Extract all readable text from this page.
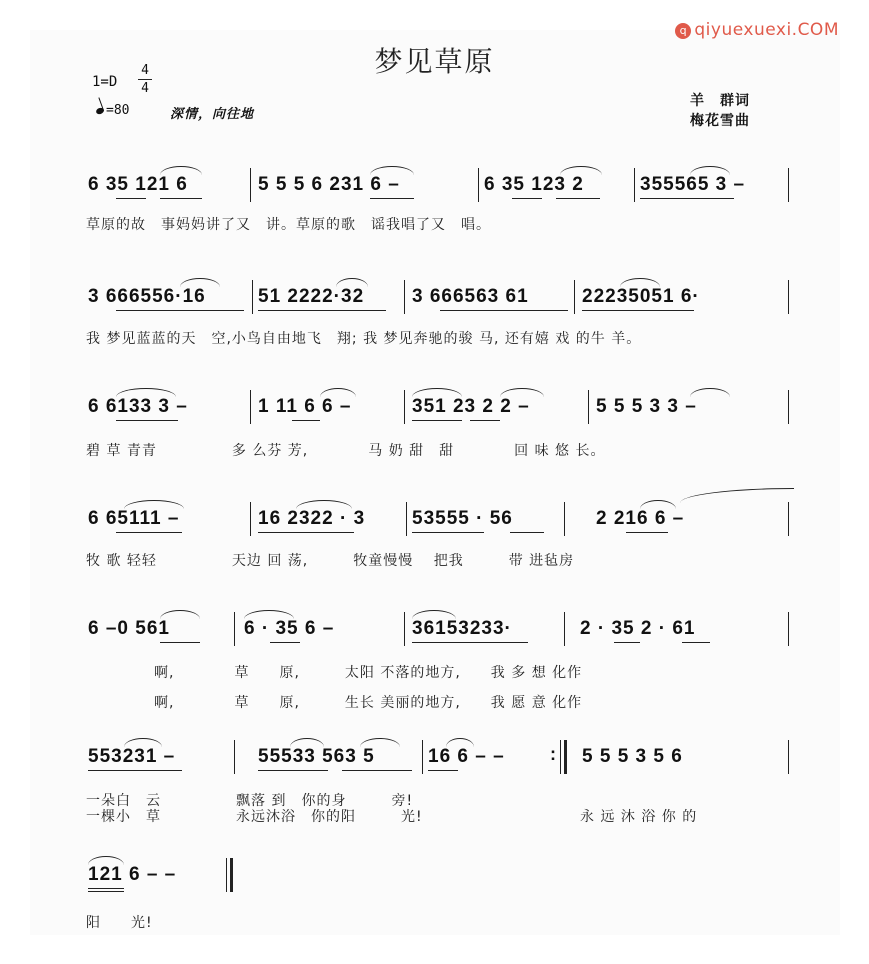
q qiyuexuexi.COM
梦见草原
1=D
4
4
=80	深情，向往地
羊　群词
梅花雪曲
6 35 121 6	5 5 5 6 231 6 –	6 35 123 2	355565 3 –
草原的故　事妈妈讲了又　讲。草原的歌　谣我唱了又　唱。
3 666556·16	51 2222·32	3 666563 61	22235051 6·
我 梦见蓝蓝的天　空,小鸟自由地飞　翔; 我 梦见奔驰的骏 马, 还有嬉 戏 的牛 羊。
6 6133 3 –	1 11 6 6 –	351 23 2 2 –	5 5 5 3 3 –
碧 草 青青　　　　　多 么芬 芳,　　　　马 奶 甜　甜　　　　回 味 悠 长。
6 65111 –	16 2322 · 3 53555 · 56	2 216 6 –
牧 歌 轻轻　　　　　天边 回 荡,　　　牧童慢慢　 把我　　　带 进毡房
6 –0 561	6 · 35 6 –	36153233·	2 · 35 2 · 61
啊,　　　　草　　原,　　　太阳 不落的地方,　　我 多 想 化作
啊,　　　　草　　原,　　　生长 美丽的地方,　　我 愿 意 化作
553231 –	55533 563 5	16 6 – –	: 5 5 5 3 5 6
一朵白　云　　　　　飘落 到　你的身　　　旁!
一棵小　草　　　　　永远沐浴　你的阳　　　光!	永 远 沐 浴 你 的
121 6 – –
阳　　光!
